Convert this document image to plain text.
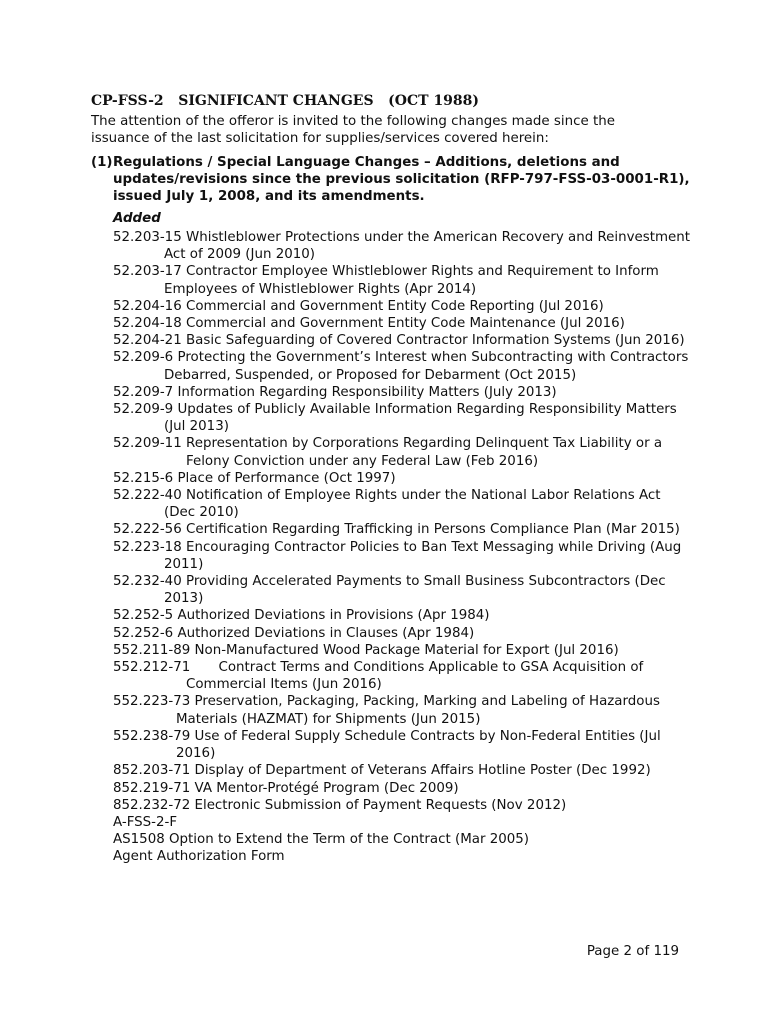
CP-FSS-2   SIGNIFICANT CHANGES   (OCT 1988)
The attention of the offeror is invited to the following changes made since the issuance of the last solicitation for supplies/services covered herein:
(1) Regulations / Special Language Changes – Additions, deletions and updates/revisions since the previous solicitation (RFP-797-FSS-03-0001-R1), issued July 1, 2008, and its amendments.
Added
52.203-15 Whistleblower Protections under the American Recovery and Reinvestment Act of 2009 (Jun 2010)
52.203-17 Contractor Employee Whistleblower Rights and Requirement to Inform Employees of Whistleblower Rights (Apr 2014)
52.204-16 Commercial and Government Entity Code Reporting (Jul 2016)
52.204-18 Commercial and Government Entity Code Maintenance (Jul 2016)
52.204-21 Basic Safeguarding of Covered Contractor Information Systems (Jun 2016)
52.209-6 Protecting the Government’s Interest when Subcontracting with Contractors Debarred, Suspended, or Proposed for Debarment (Oct 2015)
52.209-7 Information Regarding Responsibility Matters (July 2013)
52.209-9 Updates of Publicly Available Information Regarding Responsibility Matters (Jul 2013)
52.209-11 Representation by Corporations Regarding Delinquent Tax Liability or a Felony Conviction under any Federal Law (Feb 2016)
52.215-6 Place of Performance (Oct 1997)
52.222-40 Notification of Employee Rights under the National Labor Relations Act (Dec 2010)
52.222-56 Certification Regarding Trafficking in Persons Compliance Plan (Mar 2015)
52.223-18 Encouraging Contractor Policies to Ban Text Messaging while Driving (Aug 2011)
52.232-40 Providing Accelerated Payments to Small Business Subcontractors (Dec 2013)
52.252-5 Authorized Deviations in Provisions (Apr 1984)
52.252-6 Authorized Deviations in Clauses (Apr 1984)
552.211-89 Non-Manufactured Wood Package Material for Export (Jul 2016)
552.212-71 Contract Terms and Conditions Applicable to GSA Acquisition of Commercial Items (Jun 2016)
552.223-73 Preservation, Packaging, Packing, Marking and Labeling of Hazardous Materials (HAZMAT) for Shipments (Jun 2015)
552.238-79 Use of Federal Supply Schedule Contracts by Non-Federal Entities (Jul 2016)
852.203-71 Display of Department of Veterans Affairs Hotline Poster (Dec 1992)
852.219-71 VA Mentor-Protégé Program (Dec 2009)
852.232-72 Electronic Submission of Payment Requests (Nov 2012)
A-FSS-2-F
AS1508 Option to Extend the Term of the Contract (Mar 2005)
Agent Authorization Form
Page 2 of 119
